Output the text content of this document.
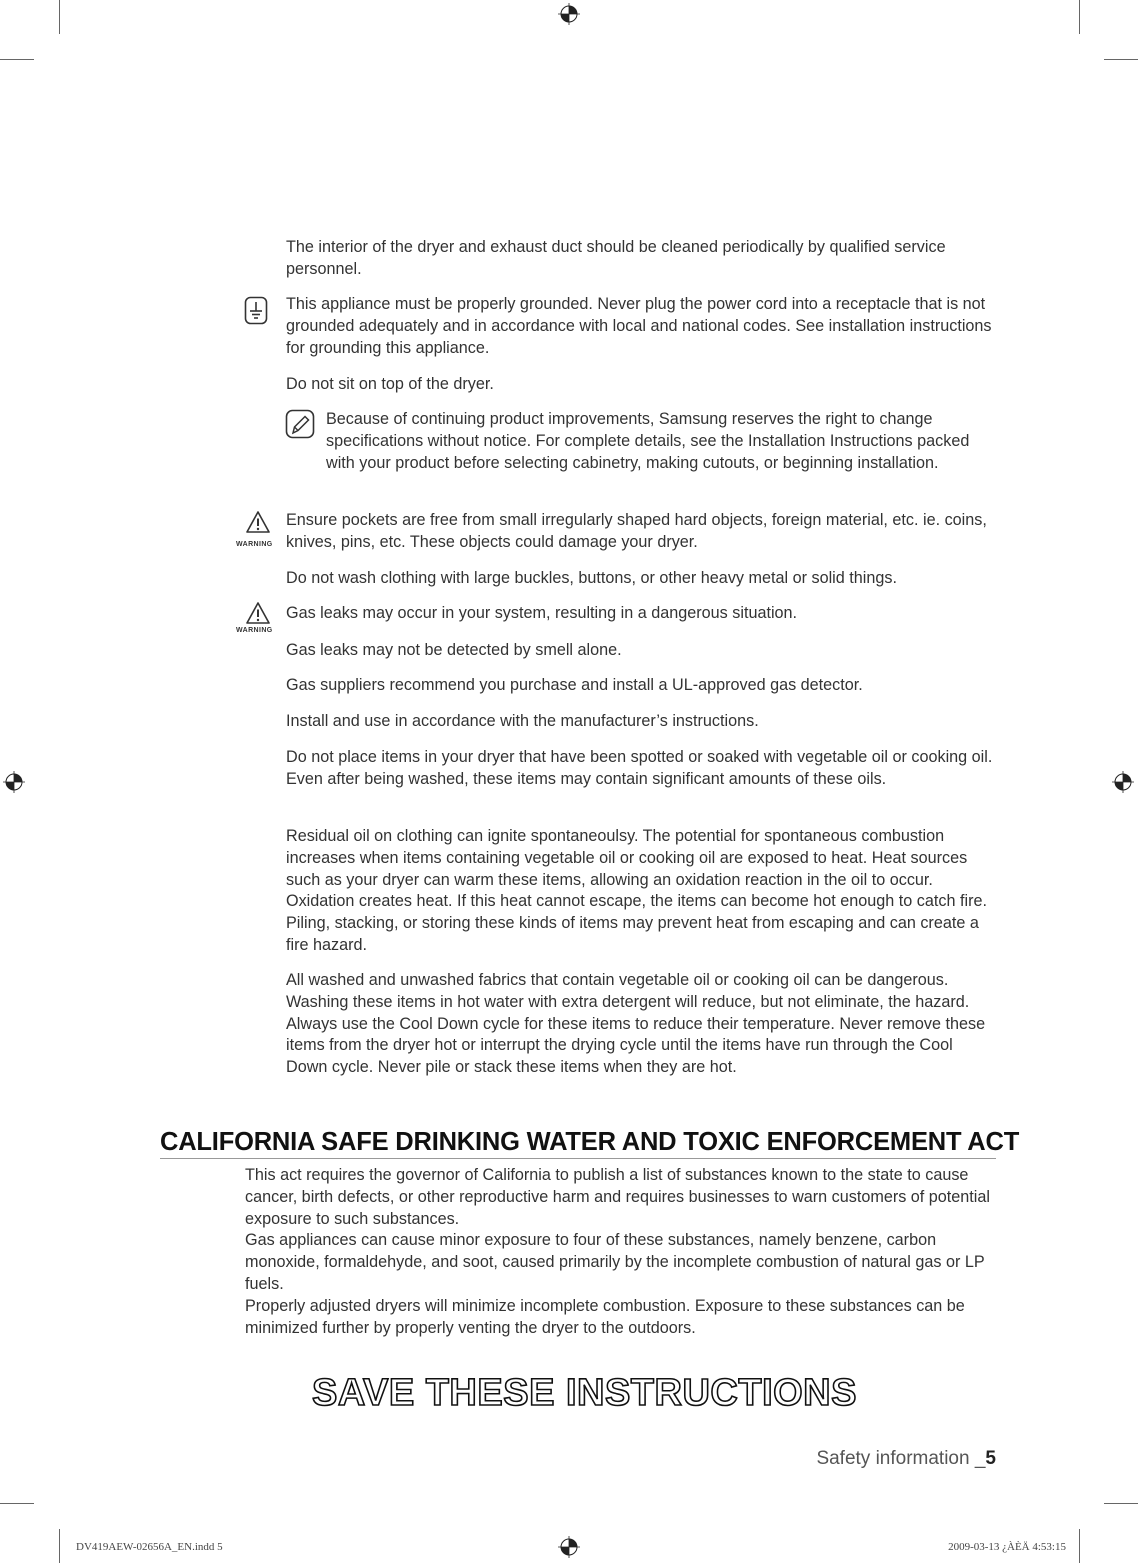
The interior of the dryer and exhaust duct should be cleaned periodically by qualified service personnel.

This appliance must be properly grounded. Never plug the power cord into a receptacle that is not grounded adequately and in accordance with local and national codes. See installation instructions for grounding this appliance.

Do not sit on top of the dryer.

Because of continuing product improvements, Samsung reserves the right to change specifications without notice. For complete details, see the Installation Instructions packed with your product before selecting cabinetry, making cutouts, or beginning installation.

WARNING

Ensure pockets are free from small irregularly shaped hard objects, foreign material, etc. ie. coins, knives, pins, etc. These objects could damage your dryer.

Do not wash clothing with large buckles, buttons, or other heavy metal or solid things.

WARNING

Gas leaks may occur in your system, resulting in a dangerous situation.

Gas leaks may not be detected by smell alone.

Gas suppliers recommend you purchase and install a UL-approved gas detector.

Install and use in accordance with the manufacturer’s instructions.

Do not place items in your dryer that have been spotted or soaked with vegetable oil or cooking oil. Even after being washed, these items may contain significant amounts of these oils.

Residual oil on clothing can ignite spontaneoulsy. The potential for spontaneous combustion increases when items containing vegetable oil or cooking oil are exposed to heat. Heat sources such as your dryer can warm these items, allowing an oxidation reaction in the oil to occur. Oxidation creates heat. If this heat cannot escape, the items can become hot enough to catch fire. Piling, stacking, or storing these kinds of items may prevent heat from escaping and can create a fire hazard.

All washed and unwashed fabrics that contain vegetable oil or cooking oil can be dangerous. Washing these items in hot water with extra detergent will reduce, but not eliminate, the hazard. Always use the Cool Down cycle for these items to reduce their temperature. Never remove these items from the dryer hot or interrupt the drying cycle until the items have run through the Cool Down cycle. Never pile or stack these items when they are hot.

CALIFORNIA SAFE DRINKING WATER AND TOXIC ENFORCEMENT ACT

This act requires the governor of California to publish a list of substances known to the state to cause cancer, birth defects, or other reproductive harm and requires businesses to warn customers of potential exposure to such substances.

Gas appliances can cause minor exposure to four of these substances, namely benzene, carbon monoxide, formaldehyde, and soot, caused primarily by the incomplete combustion of natural gas or LP fuels.

Properly adjusted dryers will minimize incomplete combustion. Exposure to these substances can be minimized further by properly venting the dryer to the outdoors.

SAVE THESE INSTRUCTIONS
Safety information _5
DV419AEW-02656A_EN.indd 5	2009-03-13 ¿ÀÈÄ 4:53:15
